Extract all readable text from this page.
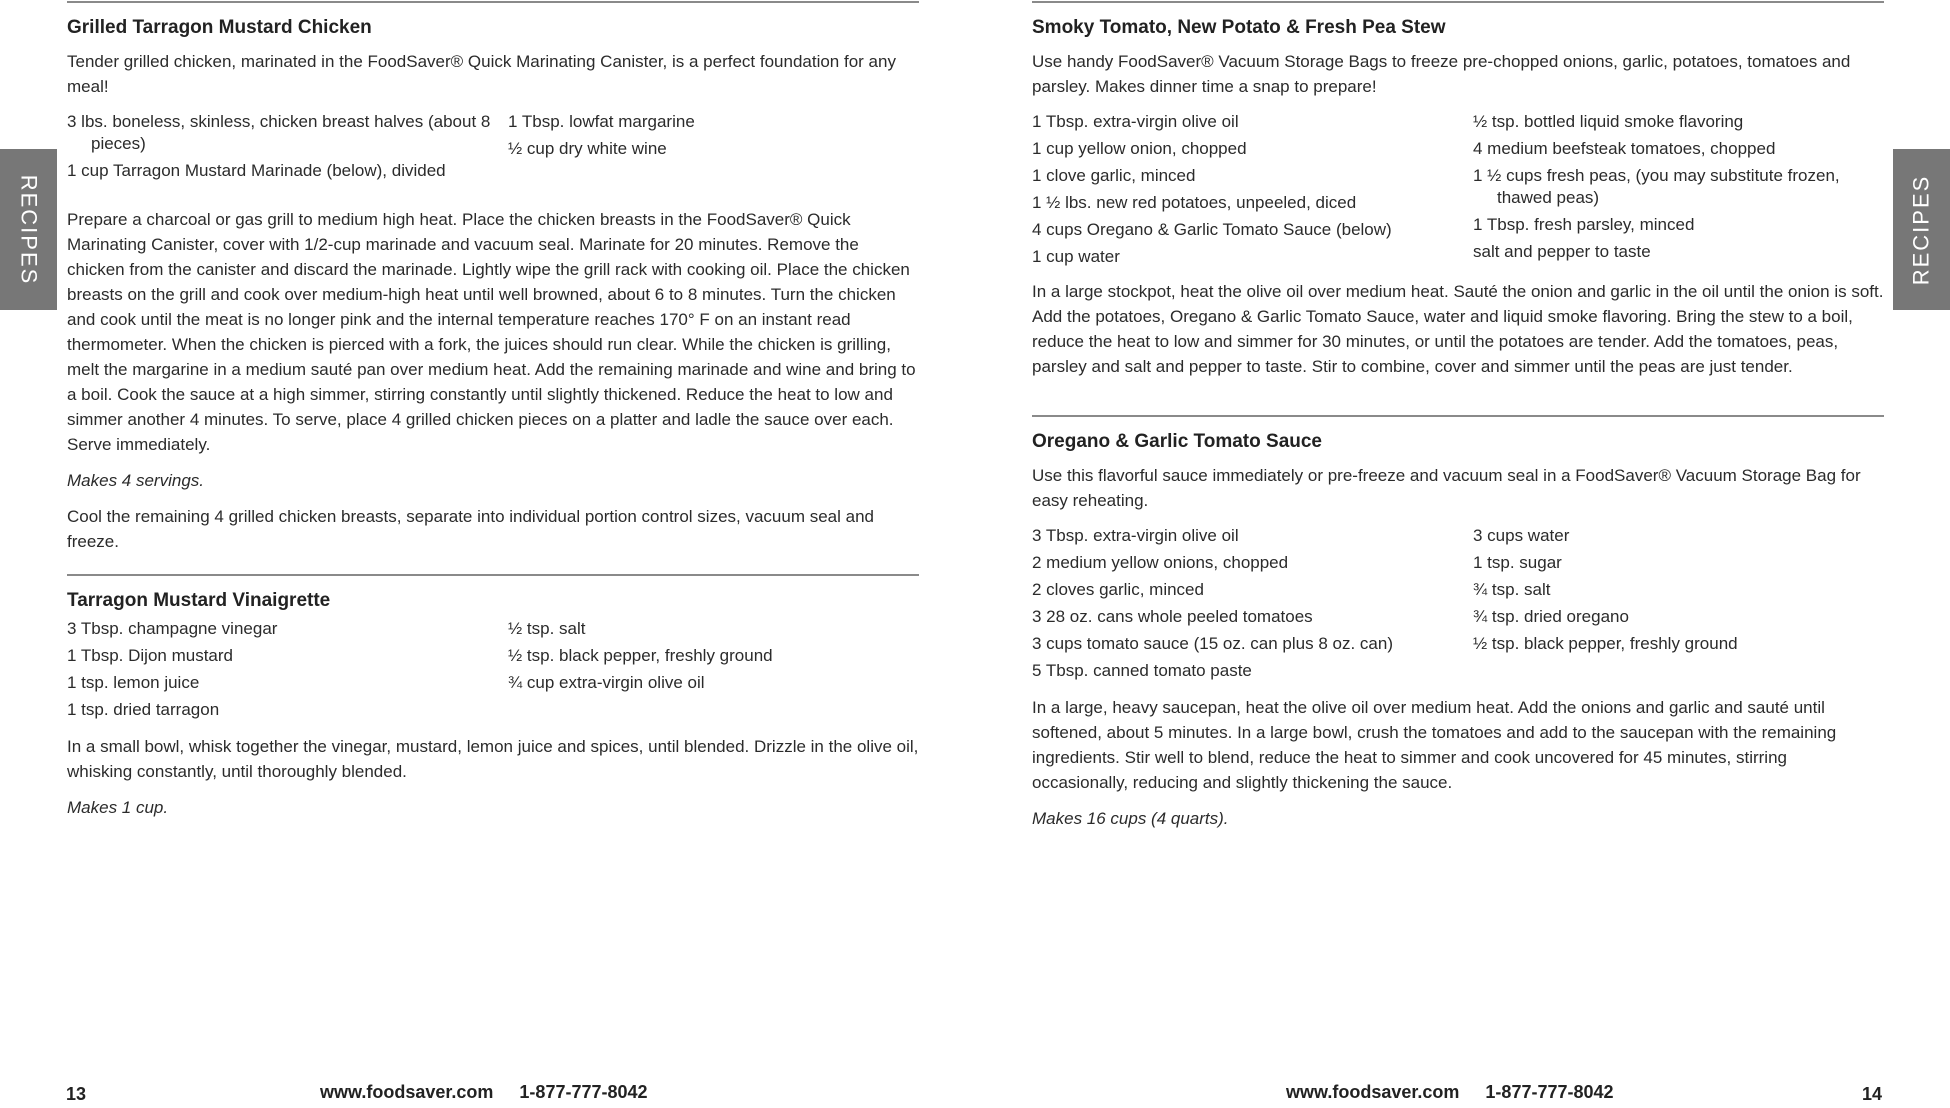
RECIPES	RECIPES
Grilled Tarragon Mustard Chicken

Tender grilled chicken, marinated in the FoodSaver® Quick Marinating Canister, is a perfect foundation for any meal!

3 lbs. boneless, skinless, chicken breast halves (about 8 pieces)
1 cup Tarragon Mustard Marinade (below), divided
1 Tbsp. lowfat margarine
½ cup dry white wine

Prepare a charcoal or gas grill to medium high heat. Place the chicken breasts in the FoodSaver® Quick Marinating Canister, cover with 1/2-cup marinade and vacuum seal. Marinate for 20 minutes. Remove the chicken from the canister and discard the marinade. Lightly wipe the grill rack with cooking oil. Place the chicken breasts on the grill and cook over medium-high heat until well browned, about 6 to 8 minutes. Turn the chicken and cook until the meat is no longer pink and the internal temperature reaches 170° F on an instant read thermometer. When the chicken is pierced with a fork, the juices should run clear. While the chicken is grilling, melt the margarine in a medium sauté pan over medium heat. Add the remaining marinade and wine and bring to a boil. Cook the sauce at a high simmer, stirring constantly until slightly thickened. Reduce the heat to low and simmer another 4 minutes. To serve, place 4 grilled chicken pieces on a platter and ladle the sauce over each. Serve immediately.

Makes 4 servings.

Cool the remaining 4 grilled chicken breasts, separate into individual portion control sizes, vacuum seal and freeze.

Tarragon Mustard Vinaigrette
3 Tbsp. champagne vinegar
1 Tbsp. Dijon mustard
1 tsp. lemon juice
1 tsp. dried tarragon
½ tsp. salt
½ tsp. black pepper, freshly ground
¾ cup extra-virgin olive oil

In a small bowl, whisk together the vinegar, mustard, lemon juice and spices, until blended. Drizzle in the olive oil, whisking constantly, until thoroughly blended.

Makes 1 cup.

Smoky Tomato, New Potato & Fresh Pea Stew

Use handy FoodSaver® Vacuum Storage Bags to freeze pre-chopped onions, garlic, potatoes, tomatoes and parsley. Makes dinner time a snap to prepare!

1 Tbsp. extra-virgin olive oil
1 cup yellow onion, chopped
1 clove garlic, minced
1 ½ lbs. new red potatoes, unpeeled, diced
4 cups Oregano & Garlic Tomato Sauce (below)
1 cup water
½ tsp. bottled liquid smoke flavoring
4 medium beefsteak tomatoes, chopped
1 ½ cups fresh peas, (you may substitute frozen, thawed peas)
1 Tbsp. fresh parsley, minced
salt and pepper to taste

In a large stockpot, heat the olive oil over medium heat. Sauté the onion and garlic in the oil until the onion is soft. Add the potatoes, Oregano & Garlic Tomato Sauce, water and liquid smoke flavoring. Bring the stew to a boil, reduce the heat to low and simmer for 30 minutes, or until the potatoes are tender. Add the tomatoes, peas, parsley and salt and pepper to taste. Stir to combine, cover and simmer until the peas are just tender.

Oregano & Garlic Tomato Sauce

Use this flavorful sauce immediately or pre-freeze and vacuum seal in a FoodSaver® Vacuum Storage Bag for easy reheating.

3 Tbsp. extra-virgin olive oil
2 medium yellow onions, chopped
2 cloves garlic, minced
3 28 oz. cans whole peeled tomatoes
3 cups tomato sauce (15 oz. can plus 8 oz. can)
5 Tbsp. canned tomato paste
3 cups water
1 tsp. sugar
¾ tsp. salt
¾ tsp. dried oregano
½ tsp. black pepper, freshly ground

In a large, heavy saucepan, heat the olive oil over medium heat. Add the onions and garlic and sauté until softened, about 5 minutes. In a large bowl, crush the tomatoes and add to the saucepan with the remaining ingredients. Stir well to blend, reduce the heat to simmer and cook uncovered for 45 minutes, stirring occasionally, reducing and slightly thickening the sauce.

Makes 16 cups (4 quarts).

13	www.foodsaver.com 1-877-777-8042	www.foodsaver.com 1-877-777-8042	14
